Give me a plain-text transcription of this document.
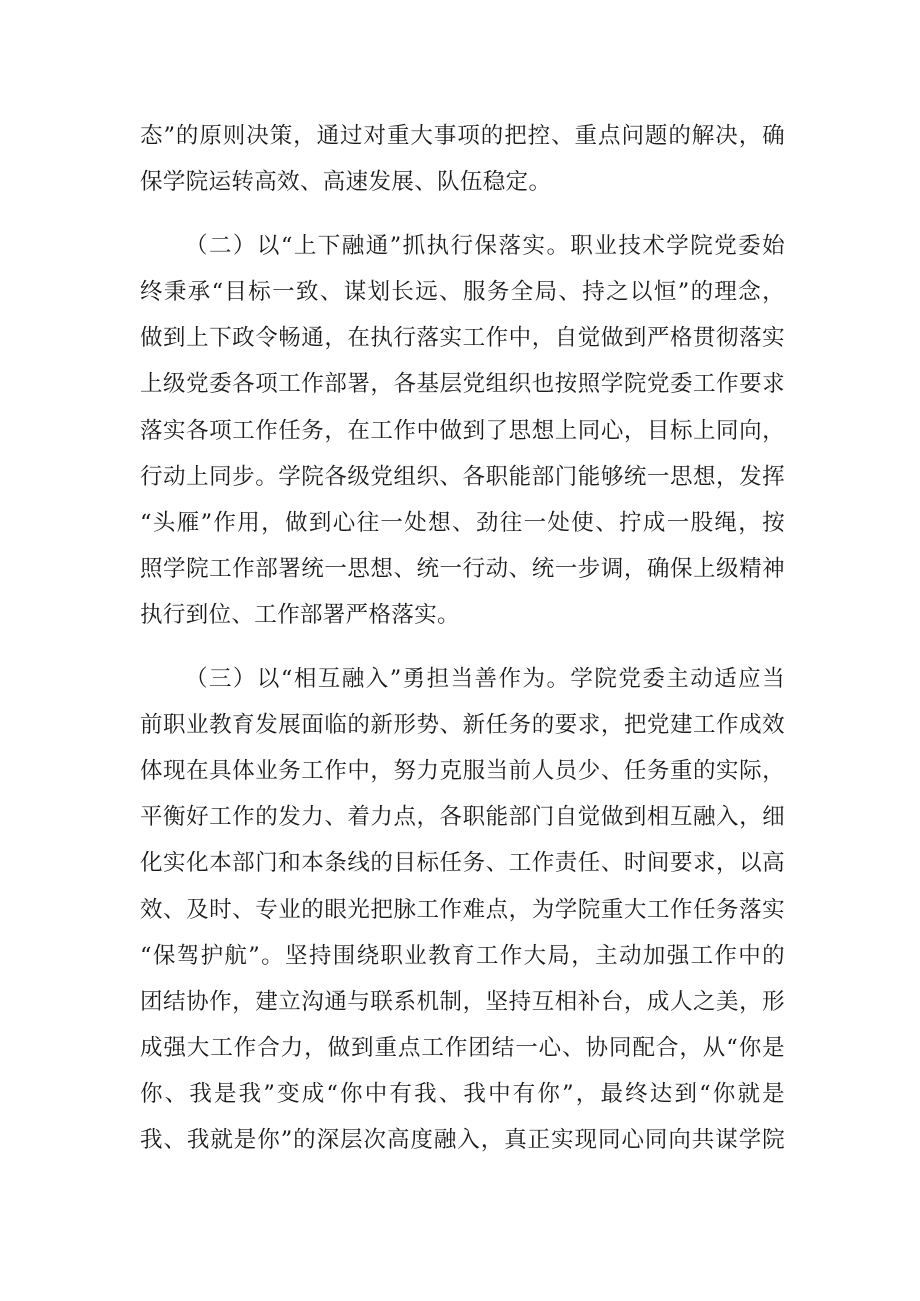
态”的原则决策，通过对重大事项的把控、重点问题的解决，确
保学院运转高效、高速发展、队伍稳定。
（二）以“上下融通”抓执行保落实。职业技术学院党委始
终秉承“目标一致、谋划长远、服务全局、持之以恒”的理念，
做到上下政令畅通，在执行落实工作中，自觉做到严格贯彻落实
上级党委各项工作部署，各基层党组织也按照学院党委工作要求
落实各项工作任务，在工作中做到了思想上同心，目标上同向，
行动上同步。学院各级党组织、各职能部门能够统一思想，发挥
“头雁”作用，做到心往一处想、劲往一处使、拧成一股绳，按
照学院工作部署统一思想、统一行动、统一步调，确保上级精神
执行到位、工作部署严格落实。
（三）以“相互融入”勇担当善作为。学院党委主动适应当
前职业教育发展面临的新形势、新任务的要求，把党建工作成效
体现在具体业务工作中，努力克服当前人员少、任务重的实际，
平衡好工作的发力、着力点，各职能部门自觉做到相互融入，细
化实化本部门和本条线的目标任务、工作责任、时间要求，以高
效、及时、专业的眼光把脉工作难点，为学院重大工作任务落实
“保驾护航”。坚持围绕职业教育工作大局，主动加强工作中的
团结协作，建立沟通与联系机制，坚持互相补台，成人之美，形
成强大工作合力，做到重点工作团结一心、协同配合，从“你是
你、我是我”变成“你中有我、我中有你”，最终达到“你就是
我、我就是你”的深层次高度融入，真正实现同心同向共谋学院
